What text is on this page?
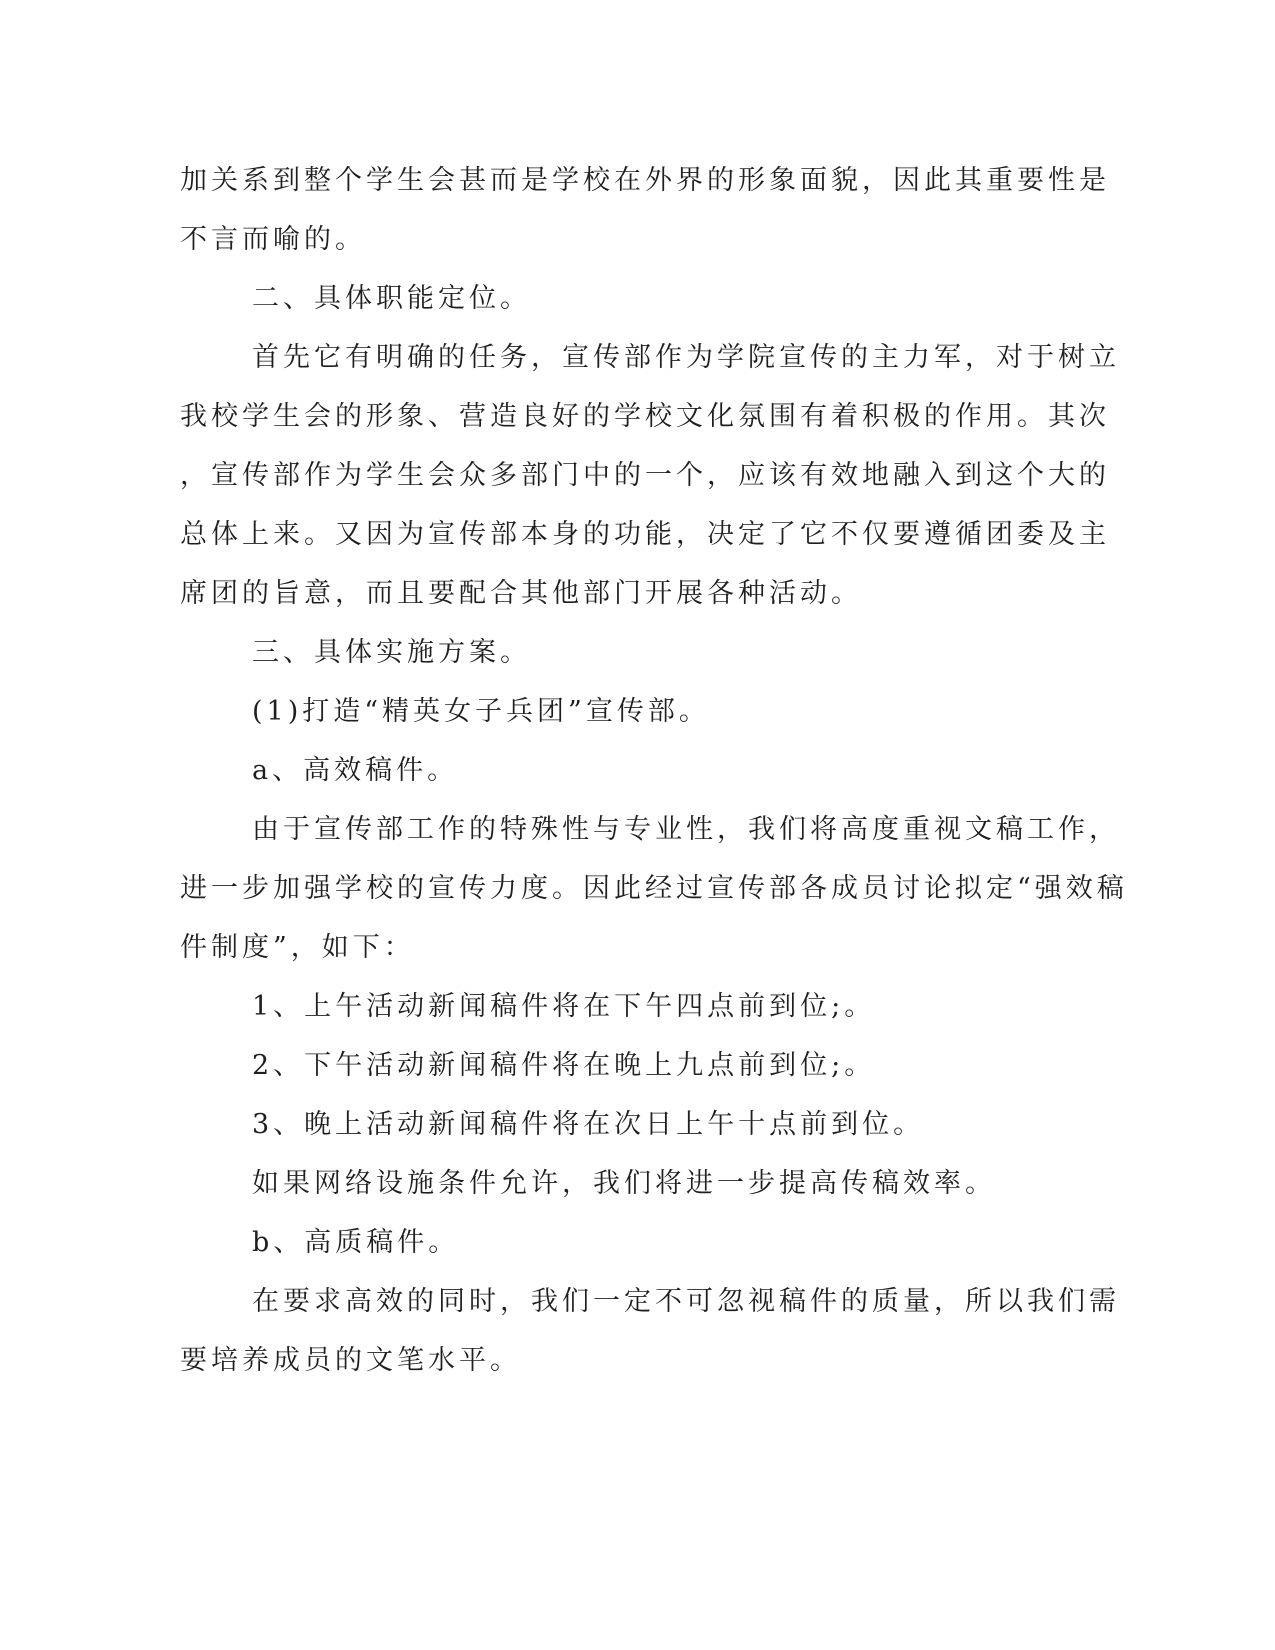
加关系到整个学生会甚而是学校在外界的形象面貌，因此其重要性是
不言而喻的。
二、具体职能定位。
首先它有明确的任务，宣传部作为学院宣传的主力军，对于树立
我校学生会的形象、营造良好的学校文化氛围有着积极的作用。其次
，宣传部作为学生会众多部门中的一个，应该有效地融入到这个大的
总体上来。又因为宣传部本身的功能，决定了它不仅要遵循团委及主
席团的旨意，而且要配合其他部门开展各种活动。
三、具体实施方案。
(1)打造“精英女子兵团”宣传部。
a、高效稿件。
由于宣传部工作的特殊性与专业性，我们将高度重视文稿工作，
进一步加强学校的宣传力度。因此经过宣传部各成员讨论拟定“强效稿
件制度”，如下：
1、上午活动新闻稿件将在下午四点前到位;。
2、下午活动新闻稿件将在晚上九点前到位;。
3、晚上活动新闻稿件将在次日上午十点前到位。
如果网络设施条件允许，我们将进一步提高传稿效率。
b、高质稿件。
在要求高效的同时，我们一定不可忽视稿件的质量，所以我们需
要培养成员的文笔水平。
